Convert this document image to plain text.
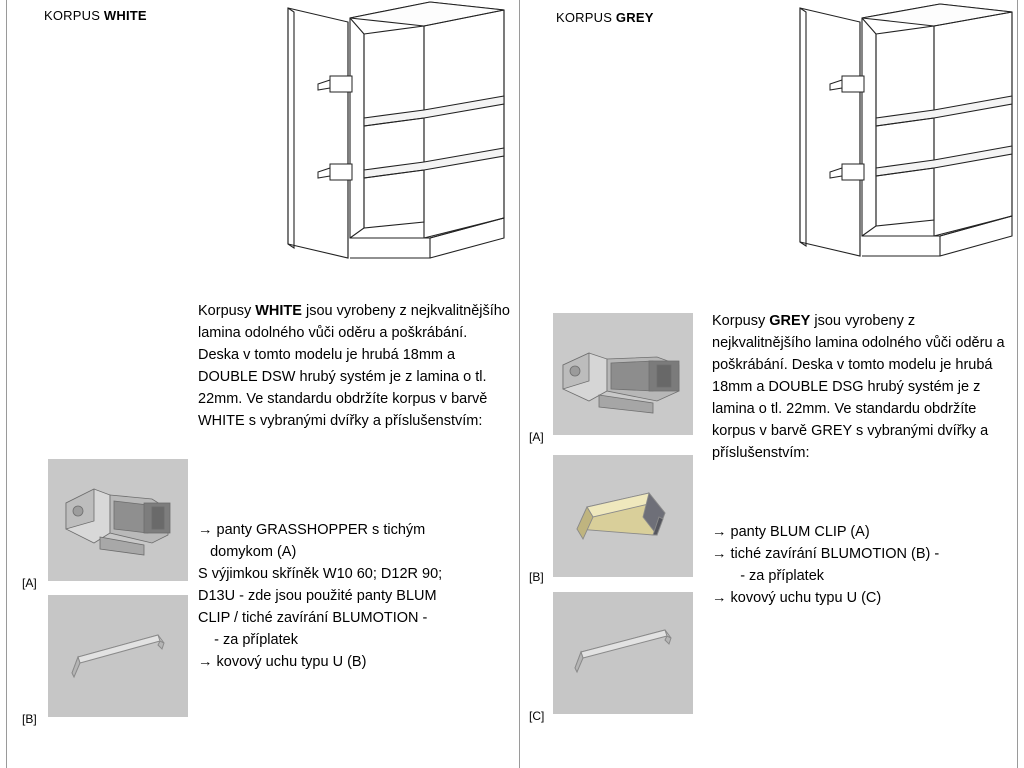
KORPUS WHITE
Korpusy WHITE jsou vyrobeny z nejkvalitnějšího lamina odolného vůči oděru a poškrábání. Deska v tomto modelu je hrubá 18mm a DOUBLE DSW hrubý systém je z lamina o tl. 22mm. Ve standardu obdržíte korpus v barvě WHITE s vybranými dvířky a příslušenstvím:
→ panty GRASSHOPPER s tichým
domykom (A)
S výjimkou skříněk W10 60; D12R 90;
D13U - zde jsou použité panty BLUM
CLIP / tiché zavírání BLUMOTION -
- za příplatek
→ kovový uchu typu U (B)
[A]
[B]
KORPUS GREY
Korpusy GREY jsou vyrobeny z nejkvalitnějšího lamina odolného vůči oděru a poškrábání. Deska v tomto modelu je hrubá 18mm a DOUBLE DSG hrubý systém je z lamina o tl. 22mm. Ve standardu obdržíte korpus v barvě GREY s vybranými dvířky a příslušenstvím:
→ panty BLUM CLIP (A)
→ tiché zavírání BLUMOTION (B) -
- za příplatek
→ kovový uchu typu U (C)
[A]
[B]
[C]
